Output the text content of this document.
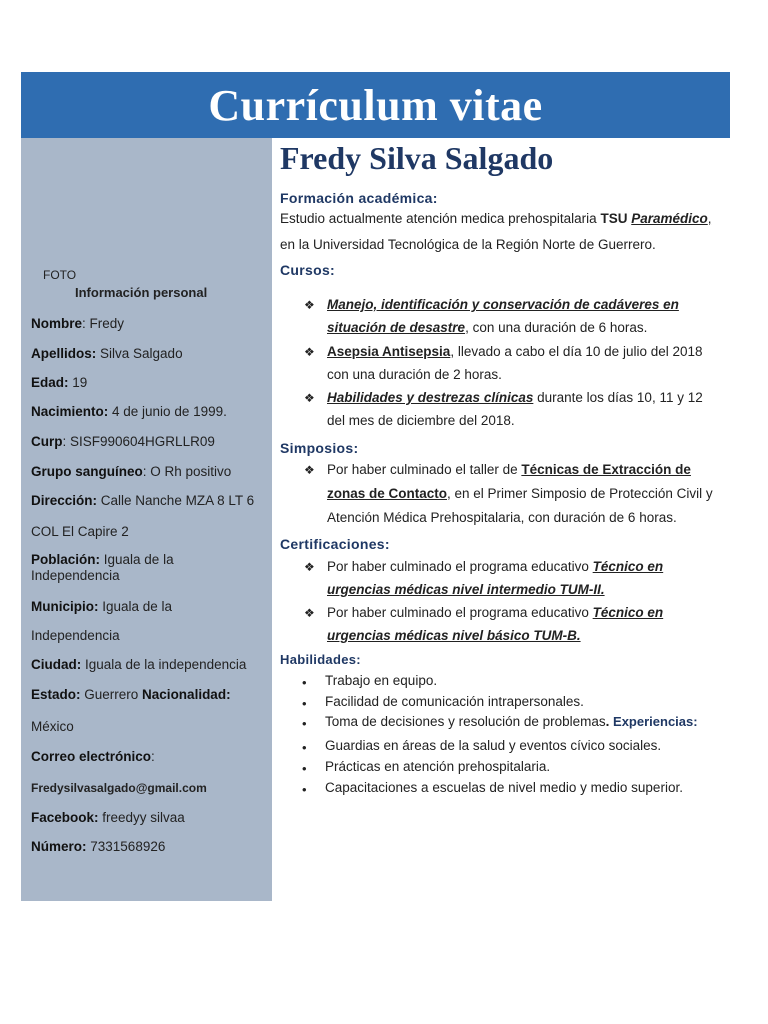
Currículum vitae
FOTO
Información personal
Nombre: Fredy
Apellidos: Silva Salgado
Edad: 19
Nacimiento: 4 de junio de 1999.
Curp: SISF990604HGRLLR09
Grupo sanguíneo: O Rh positivo
Dirección: Calle Nanche MZA 8 LT 6
COL El Capire 2
Población: Iguala de la
Independencia
Municipio: Iguala de la
Independencia
Ciudad: Iguala de la independencia
Estado: Guerrero Nacionalidad:
México
Correo electrónico:
Fredysilvasalgado@gmail.com
Facebook: freedyy silvaa
Número: 7331568926
Fredy Silva Salgado
Formación académica:
Estudio actualmente atención medica prehospitalaria TSU Paramédico,
en la Universidad Tecnológica de la Región Norte de Guerrero.
Cursos:
❖ Manejo, identificación y conservación de cadáveres en
situación de desastre, con una duración de 6 horas.
❖ Asepsia Antisepsia, llevado a cabo el día 10 de julio del 2018
con una duración de 2 horas.
❖ Habilidades y destrezas clínicas durante los días 10, 11 y 12
del mes de diciembre del 2018.
Simposios:
❖ Por haber culminado el taller de Técnicas de Extracción de
zonas de Contacto, en el Primer Simposio de Protección Civil y
Atención Médica Prehospitalaria, con duración de 6 horas.
Certificaciones:
❖ Por haber culminado el programa educativo Técnico en
urgencias médicas nivel intermedio TUM-II.
❖ Por haber culminado el programa educativo Técnico en
urgencias médicas nivel básico TUM-B.
Habilidades:
• Trabajo en equipo.
• Facilidad de comunicación intrapersonales.
• Toma de decisiones y resolución de problemas. Experiencias:
• Guardias en áreas de la salud y eventos cívico sociales.
• Prácticas en atención prehospitalaria.
• Capacitaciones a escuelas de nivel medio y medio superior.
